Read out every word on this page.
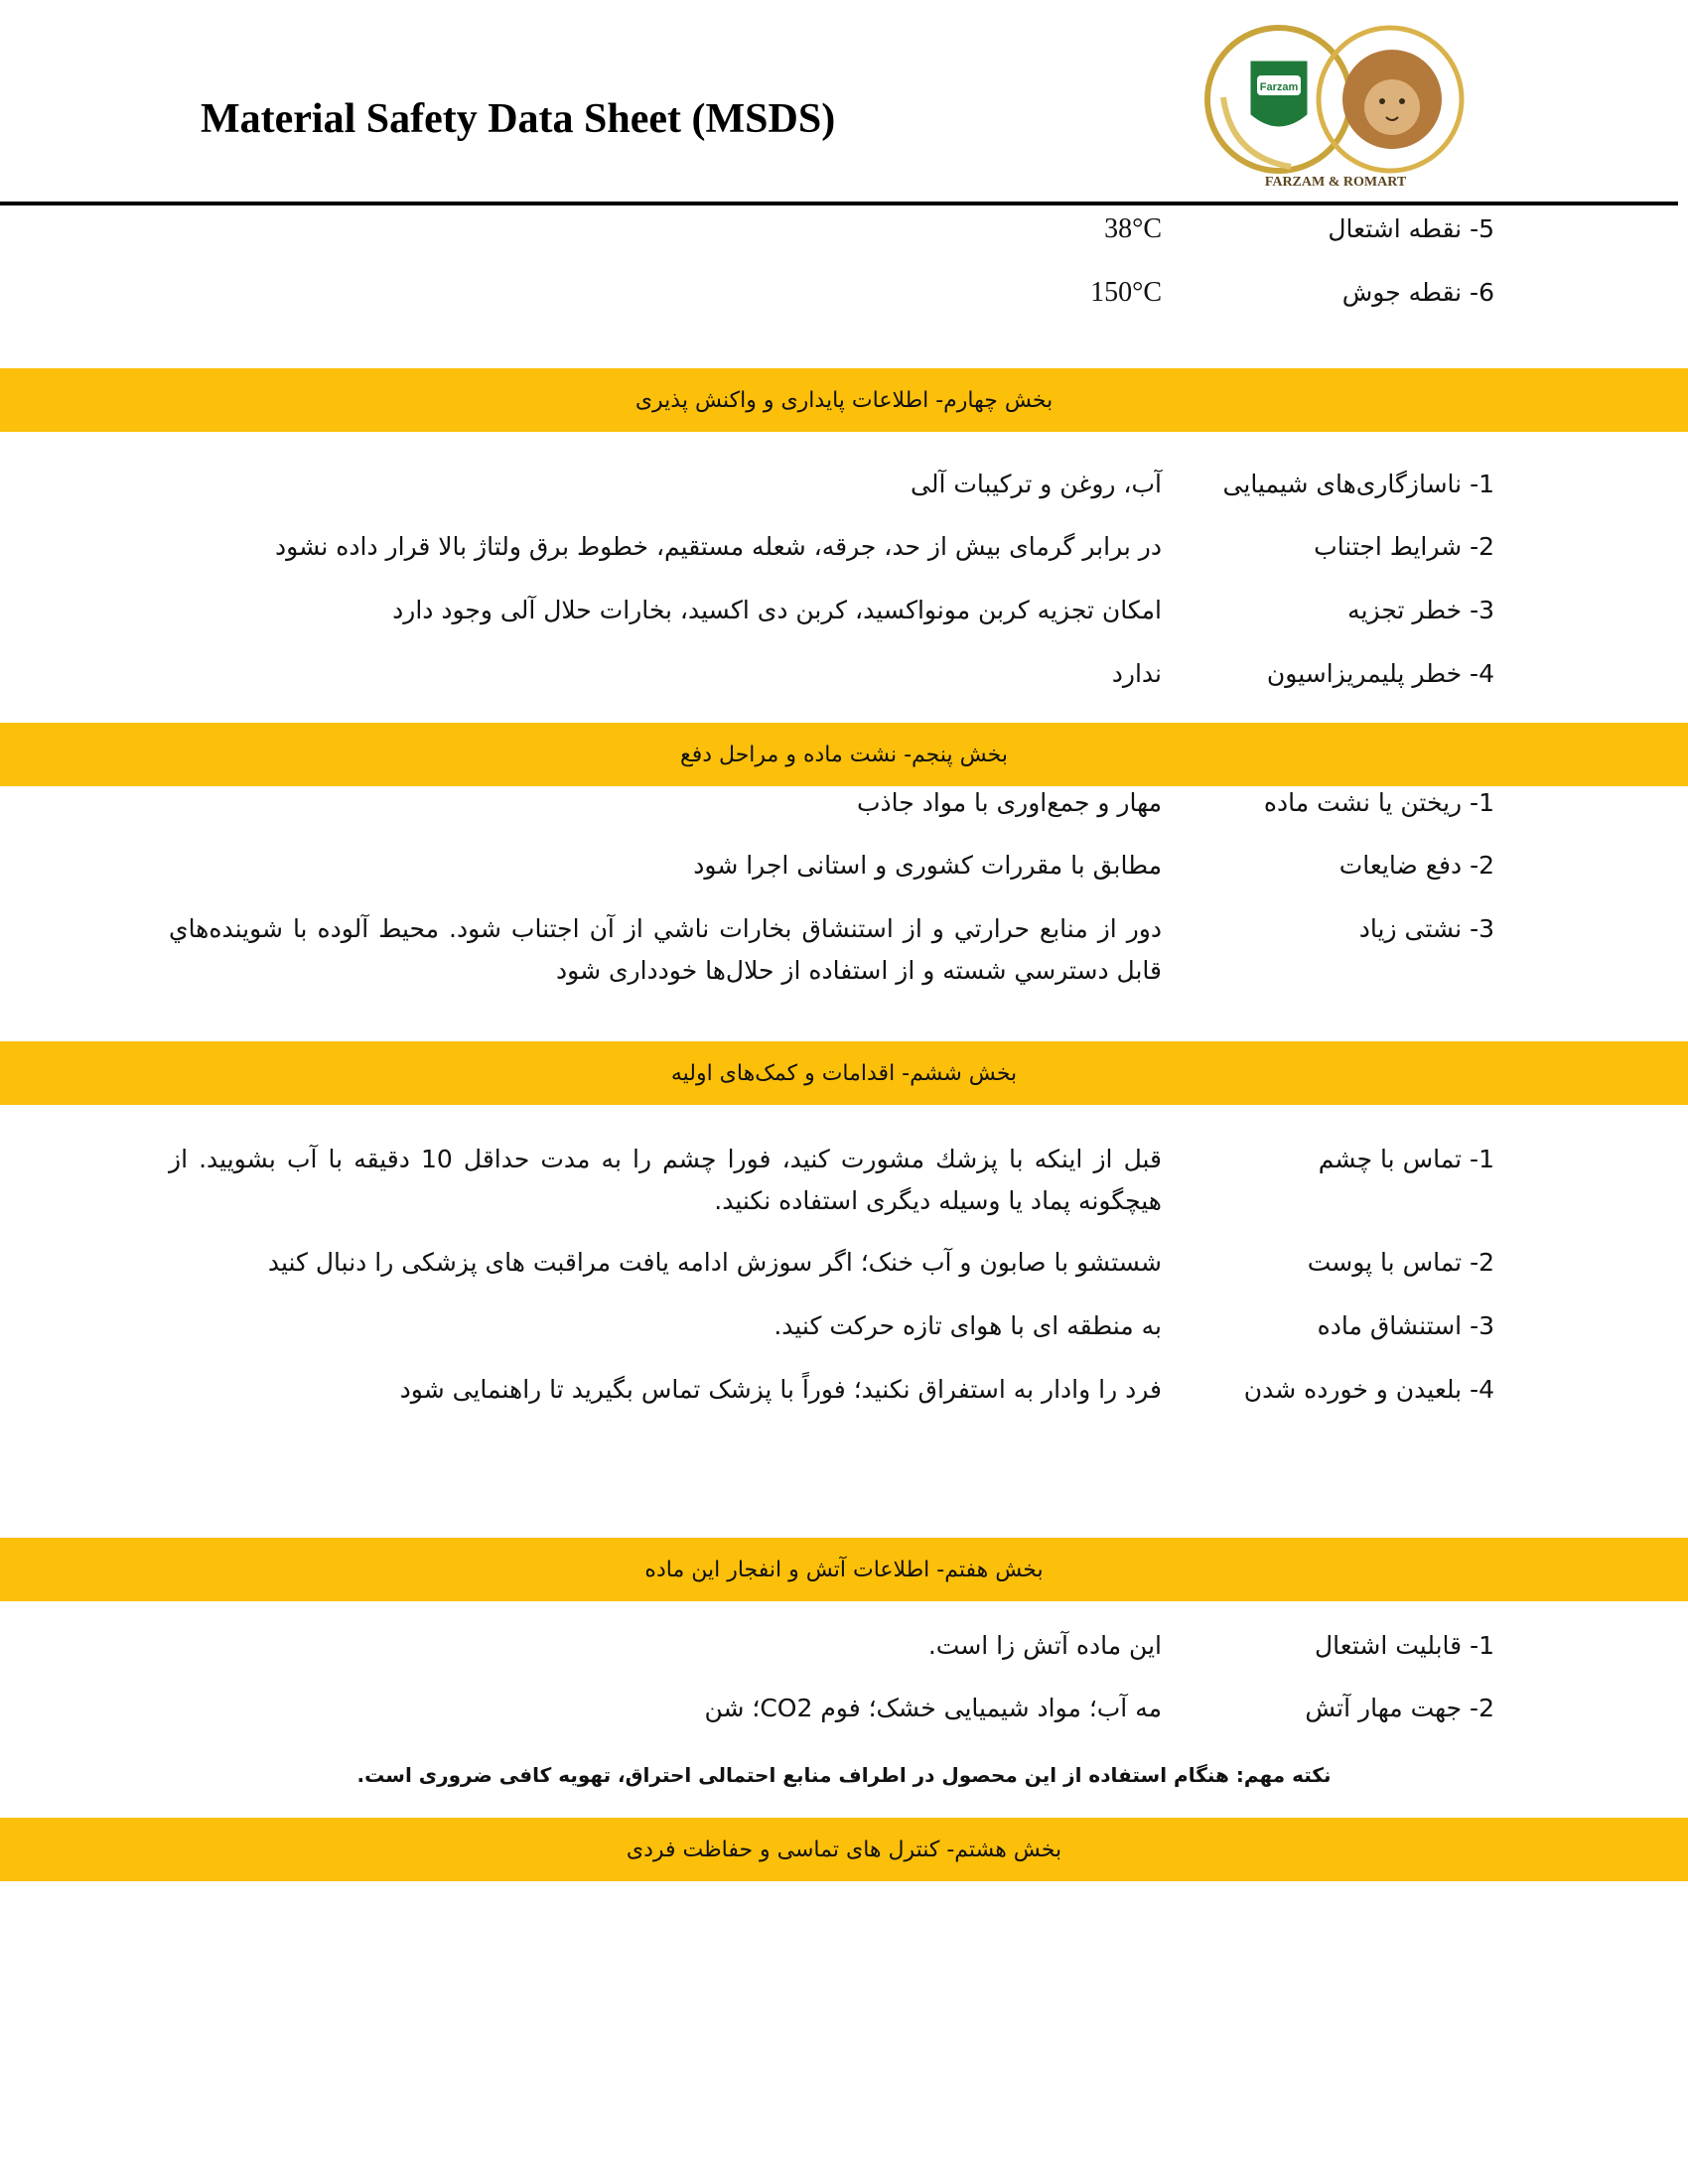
Material Safety Data Sheet (MSDS)
Farzam
FARZAM & ROMART
5- نقطه اشتعال
38°C
6- نقطه جوش
150°C
بخش چهارم- اطلاعات پایداری و واکنش پذیری
1- ناسازگاری‌های شیمیایی
آب، روغن و ترکیبات آلی
2- شرایط اجتناب
در برابر گرمای بیش از حد، جرقه، شعله مستقیم، خطوط برق ولتاژ بالا قرار داده نشود
3- خطر تجزیه
امکان تجزیه کربن مونواکسید، کربن دی اکسید، بخارات حلال آلی وجود دارد
4- خطر پلیمریزاسیون
ندارد
بخش پنجم- نشت ماده و مراحل دفع
1- ریختن یا نشت ماده
مهار و جمع‌اوری با مواد جاذب
2- دفع ضایعات
مطابق با مقررات کشوری و استانی اجرا شود
3- نشتی زیاد
دور از منابع حرارتي و از استنشاق بخارات ناشي از آن اجتناب شود. محیط آلوده با شوینده‌هاي قابل دسترسي شسته و از استفاده از حلال‌ها خودداری شود
بخش ششم- اقدامات و کمک‌های اولیه
1- تماس با چشم
قبل از اینکه با پزشك مشورت کنید، فورا چشم را به مدت حداقل 10 دقیقه با آب بشویید. از هیچگونه پماد یا وسیله دیگری استفاده نکنید.
2- تماس با پوست
شستشو با صابون و آب خنک؛ اگر سوزش ادامه یافت مراقبت های پزشکی را دنبال کنید
3- استنشاق ماده
به منطقه ای با هوای تازه حرکت کنید.
4- بلعیدن و خورده شدن
فرد را وادار به استفراق نکنید؛ فوراً با پزشک تماس بگیرید تا راهنمایی شود
بخش هفتم- اطلاعات آتش و انفجار این ماده
1- قابلیت اشتعال
این ماده آتش زا است.
2- جهت مهار آتش
مه آب؛ مواد شیمیایی خشک؛ فوم CO2؛ شن
نکته مهم: هنگام استفاده از این محصول در اطراف منابع احتمالی احتراق، تهویه کافی ضروری است.
بخش هشتم- کنترل های تماسی و حفاظت فردی
